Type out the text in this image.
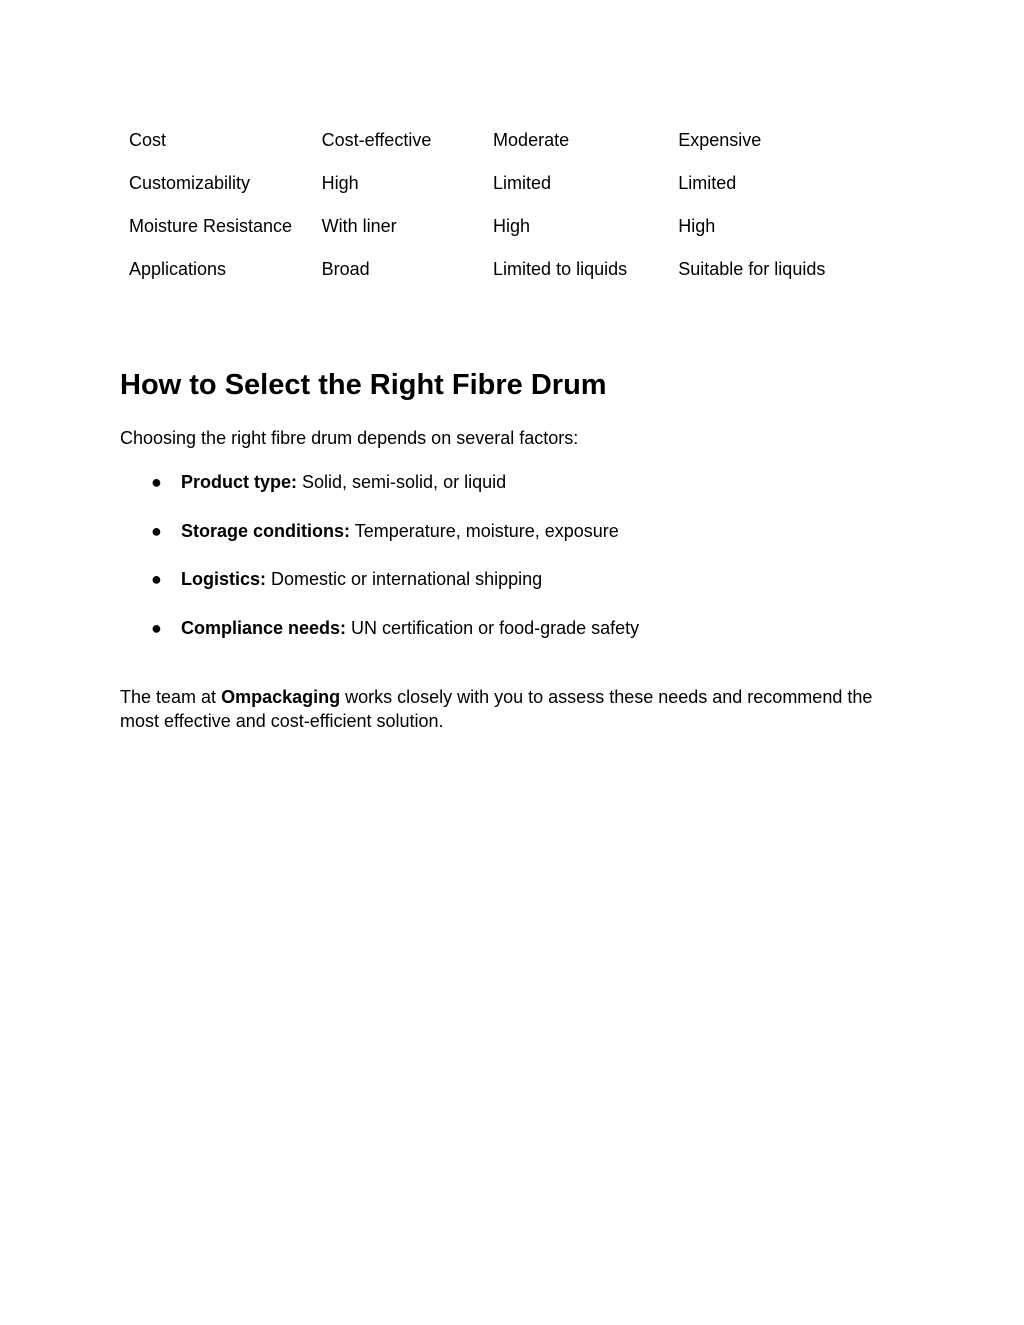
Cost	Cost-effective	Moderate	Expensive
Customizability	High	Limited	Limited
Moisture Resistance	With liner	High	High
Applications	Broad	Limited to liquids	Suitable for liquids
How to Select the Right Fibre Drum

Choosing the right fibre drum depends on several factors:

● Product type: Solid, semi-solid, or liquid
● Storage conditions: Temperature, moisture, exposure
● Logistics: Domestic or international shipping
● Compliance needs: UN certification or food-grade safety

The team at Ompackaging works closely with you to assess these needs and recommend the most effective and cost-efficient solution.
